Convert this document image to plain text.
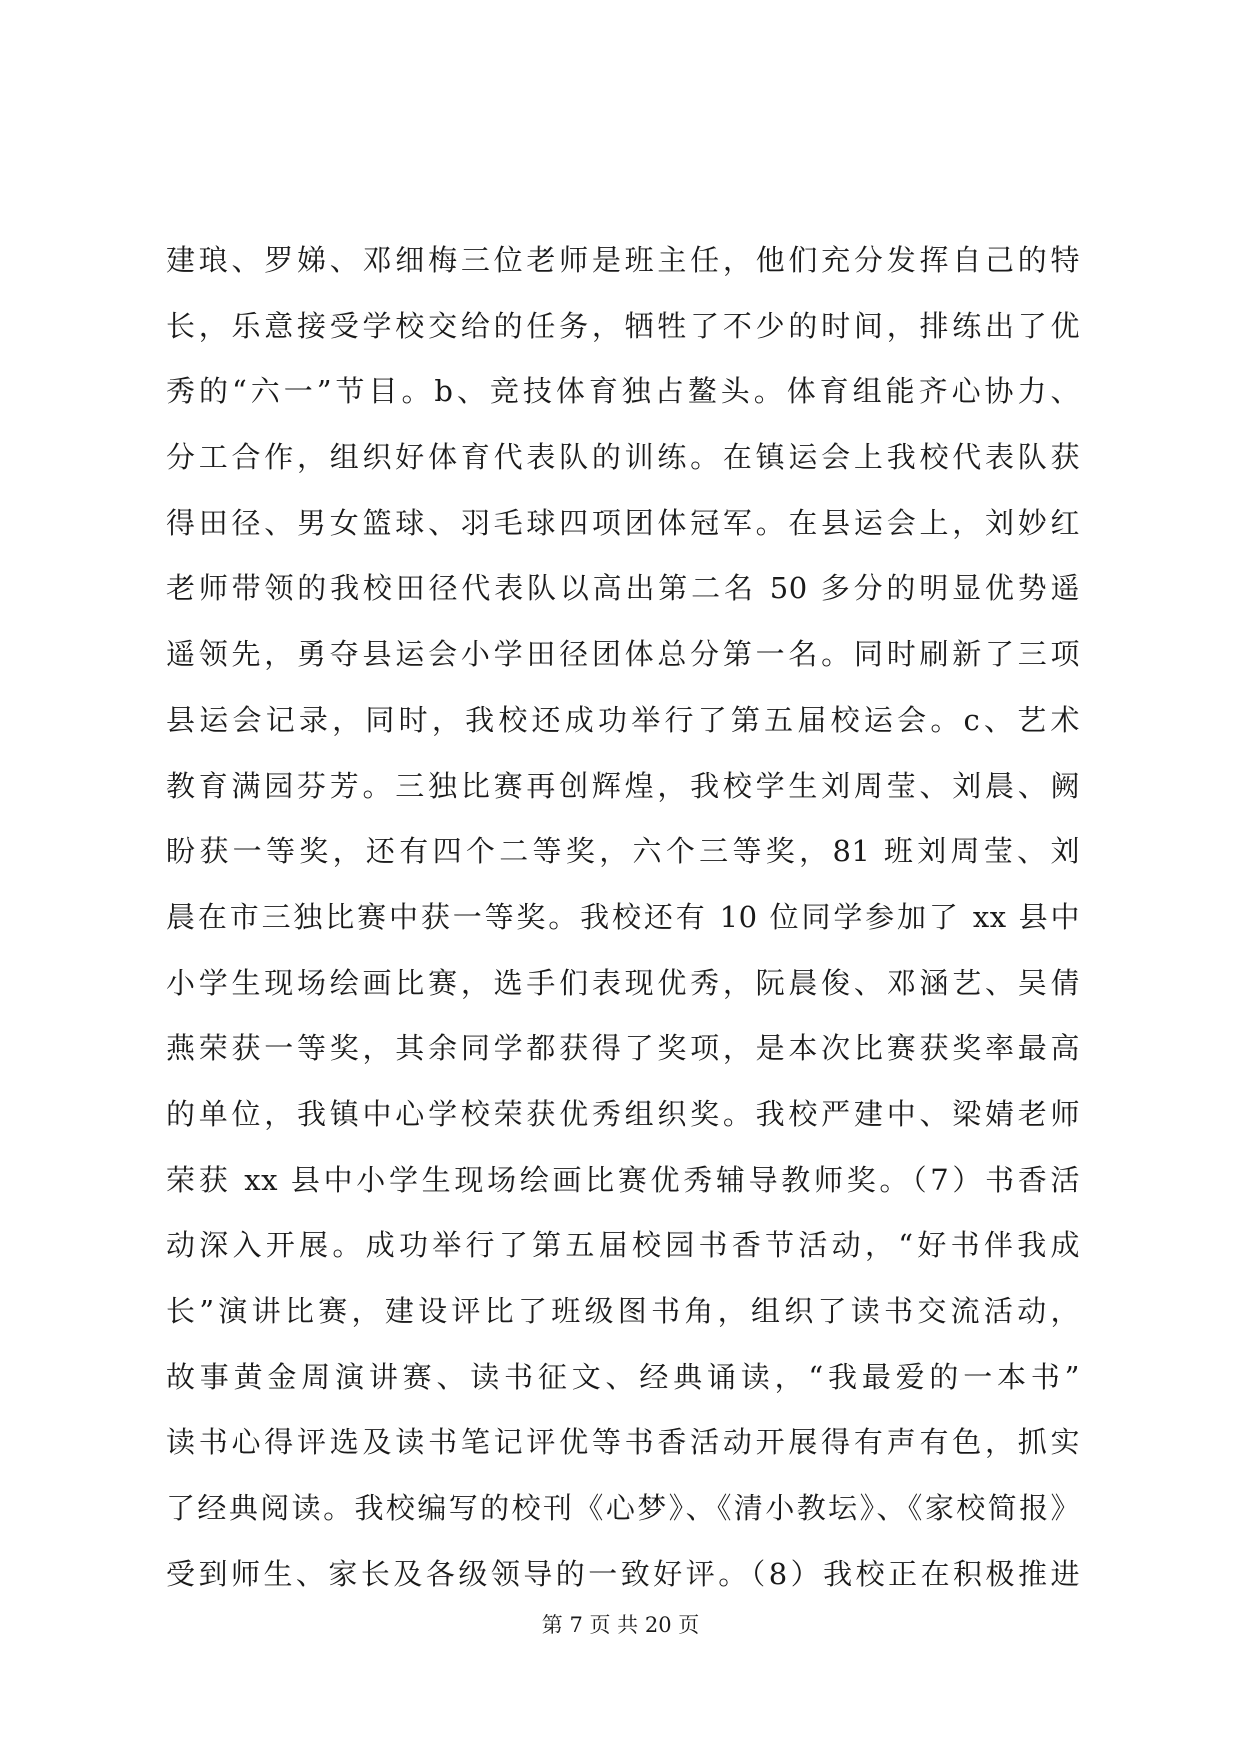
建琅、罗娣、邓细梅三位老师是班主任，他们充分发挥自己的特
长，乐意接受学校交给的任务，牺牲了不少的时间，排练出了优
秀的“六一”节目。b、竞技体育独占鳌头。体育组能齐心协力、
分工合作，组织好体育代表队的训练。在镇运会上我校代表队获
得田径、男女篮球、羽毛球四项团体冠军。在县运会上，刘妙红
老师带领的我校田径代表队以高出第二名 50 多分的明显优势遥
遥领先，勇夺县运会小学田径团体总分第一名。同时刷新了三项
县运会记录，同时，我校还成功举行了第五届校运会。c、艺术
教育满园芬芳。三独比赛再创辉煌，我校学生刘周莹、刘晨、阙
盼获一等奖，还有四个二等奖，六个三等奖，81 班刘周莹、刘
晨在市三独比赛中获一等奖。我校还有 10 位同学参加了 xx 县中
小学生现场绘画比赛，选手们表现优秀，阮晨俊、邓涵艺、吴倩
燕荣获一等奖，其余同学都获得了奖项，是本次比赛获奖率最高
的单位，我镇中心学校荣获优秀组织奖。我校严建中、梁婧老师
荣获 xx 县中小学生现场绘画比赛优秀辅导教师奖。（7）书香活
动深入开展。成功举行了第五届校园书香节活动，“好书伴我成
长”演讲比赛，建设评比了班级图书角，组织了读书交流活动，
故事黄金周演讲赛、读书征文、经典诵读，“我最爱的一本书”
读书心得评选及读书笔记评优等书香活动开展得有声有色，抓实
了经典阅读。我校编写的校刊《心梦》、《清小教坛》、《家校简报》
受到师生、家长及各级领导的一致好评。（8）我校正在积极推进
第 7 页 共 20 页
